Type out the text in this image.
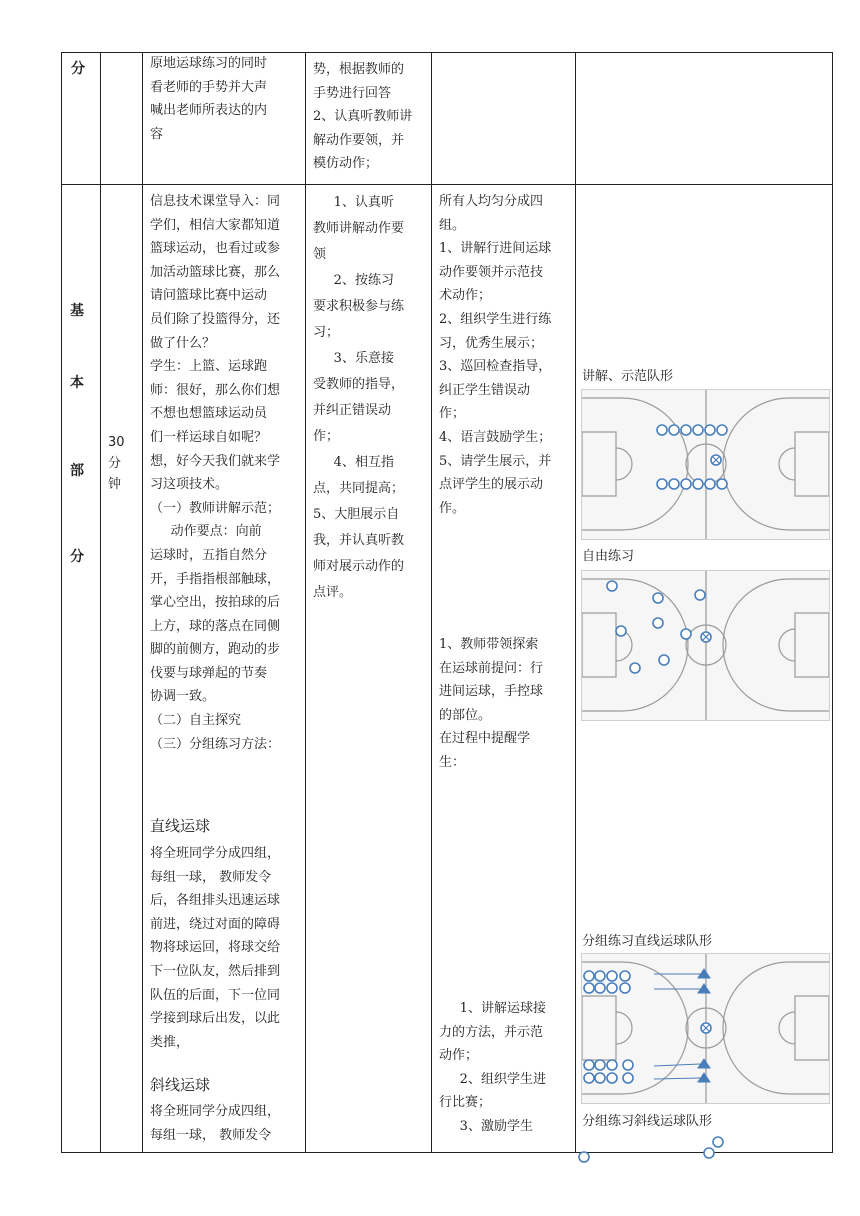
分	原地运球练习的同时
看老师的手势并大声
喊出老师所表达的内
容
势，根据教师的
手势进行回答
2、认真听教师讲
解动作要领，并
模仿动作；
基
本
部
分
30
分
钟
信息技术课堂导入：同
学们，相信大家都知道
篮球运动，也看过或参
加活动篮球比赛，那么
请问篮球比赛中运动
员们除了投篮得分，还
做了什么？
学生：上篮、运球跑
师：很好，那么你们想
不想也想篮球运动员
们一样运球自如呢？
想，好今天我们就来学
习这项技术。
（一）教师讲解示范；
动作要点：向前
运球时，五指自然分
开，手指指根部触球，
掌心空出，按拍球的后
上方，球的落点在同侧
脚的前侧方，跑动的步
伐要与球弹起的节奏
协调一致。
（二）自主探究
（三）分组练习方法：
直线运球
将全班同学分成四组，
每组一球， 教师发令
后，各组排头迅速运球
前进，绕过对面的障碍
物将球运回，将球交给
下一位队友，然后排到
队伍的后面，下一位同
学接到球后出发，以此
类推，
斜线运球
将全班同学分成四组，
每组一球， 教师发令
1、认真听
教师讲解动作要
领
2、按练习
要求积极参与练
习；
3、乐意接
受教师的指导，
并纠正错误动
作；
4、相互指
点，共同提高；
5、大胆展示自
我，并认真听教
师对展示动作的
点评。
所有人均匀分成四
组。
1、讲解行进间运球
动作要领并示范技
术动作；
2、组织学生进行练
习，优秀生展示；
3、巡回检查指导，
纠正学生错误动
作；
4、语言鼓励学生；
5、请学生展示，并
点评学生的展示动
作。
1、教师带领探索
在运球前提问：行
进间运球，手控球
的部位。
在过程中提醒学
生：
1、讲解运球接
力的方法，并示范
动作；
2、组织学生进
行比赛；
3、激励学生
讲解、示范队形
自由练习
分组练习直线运球队形
分组练习斜线运球队形
